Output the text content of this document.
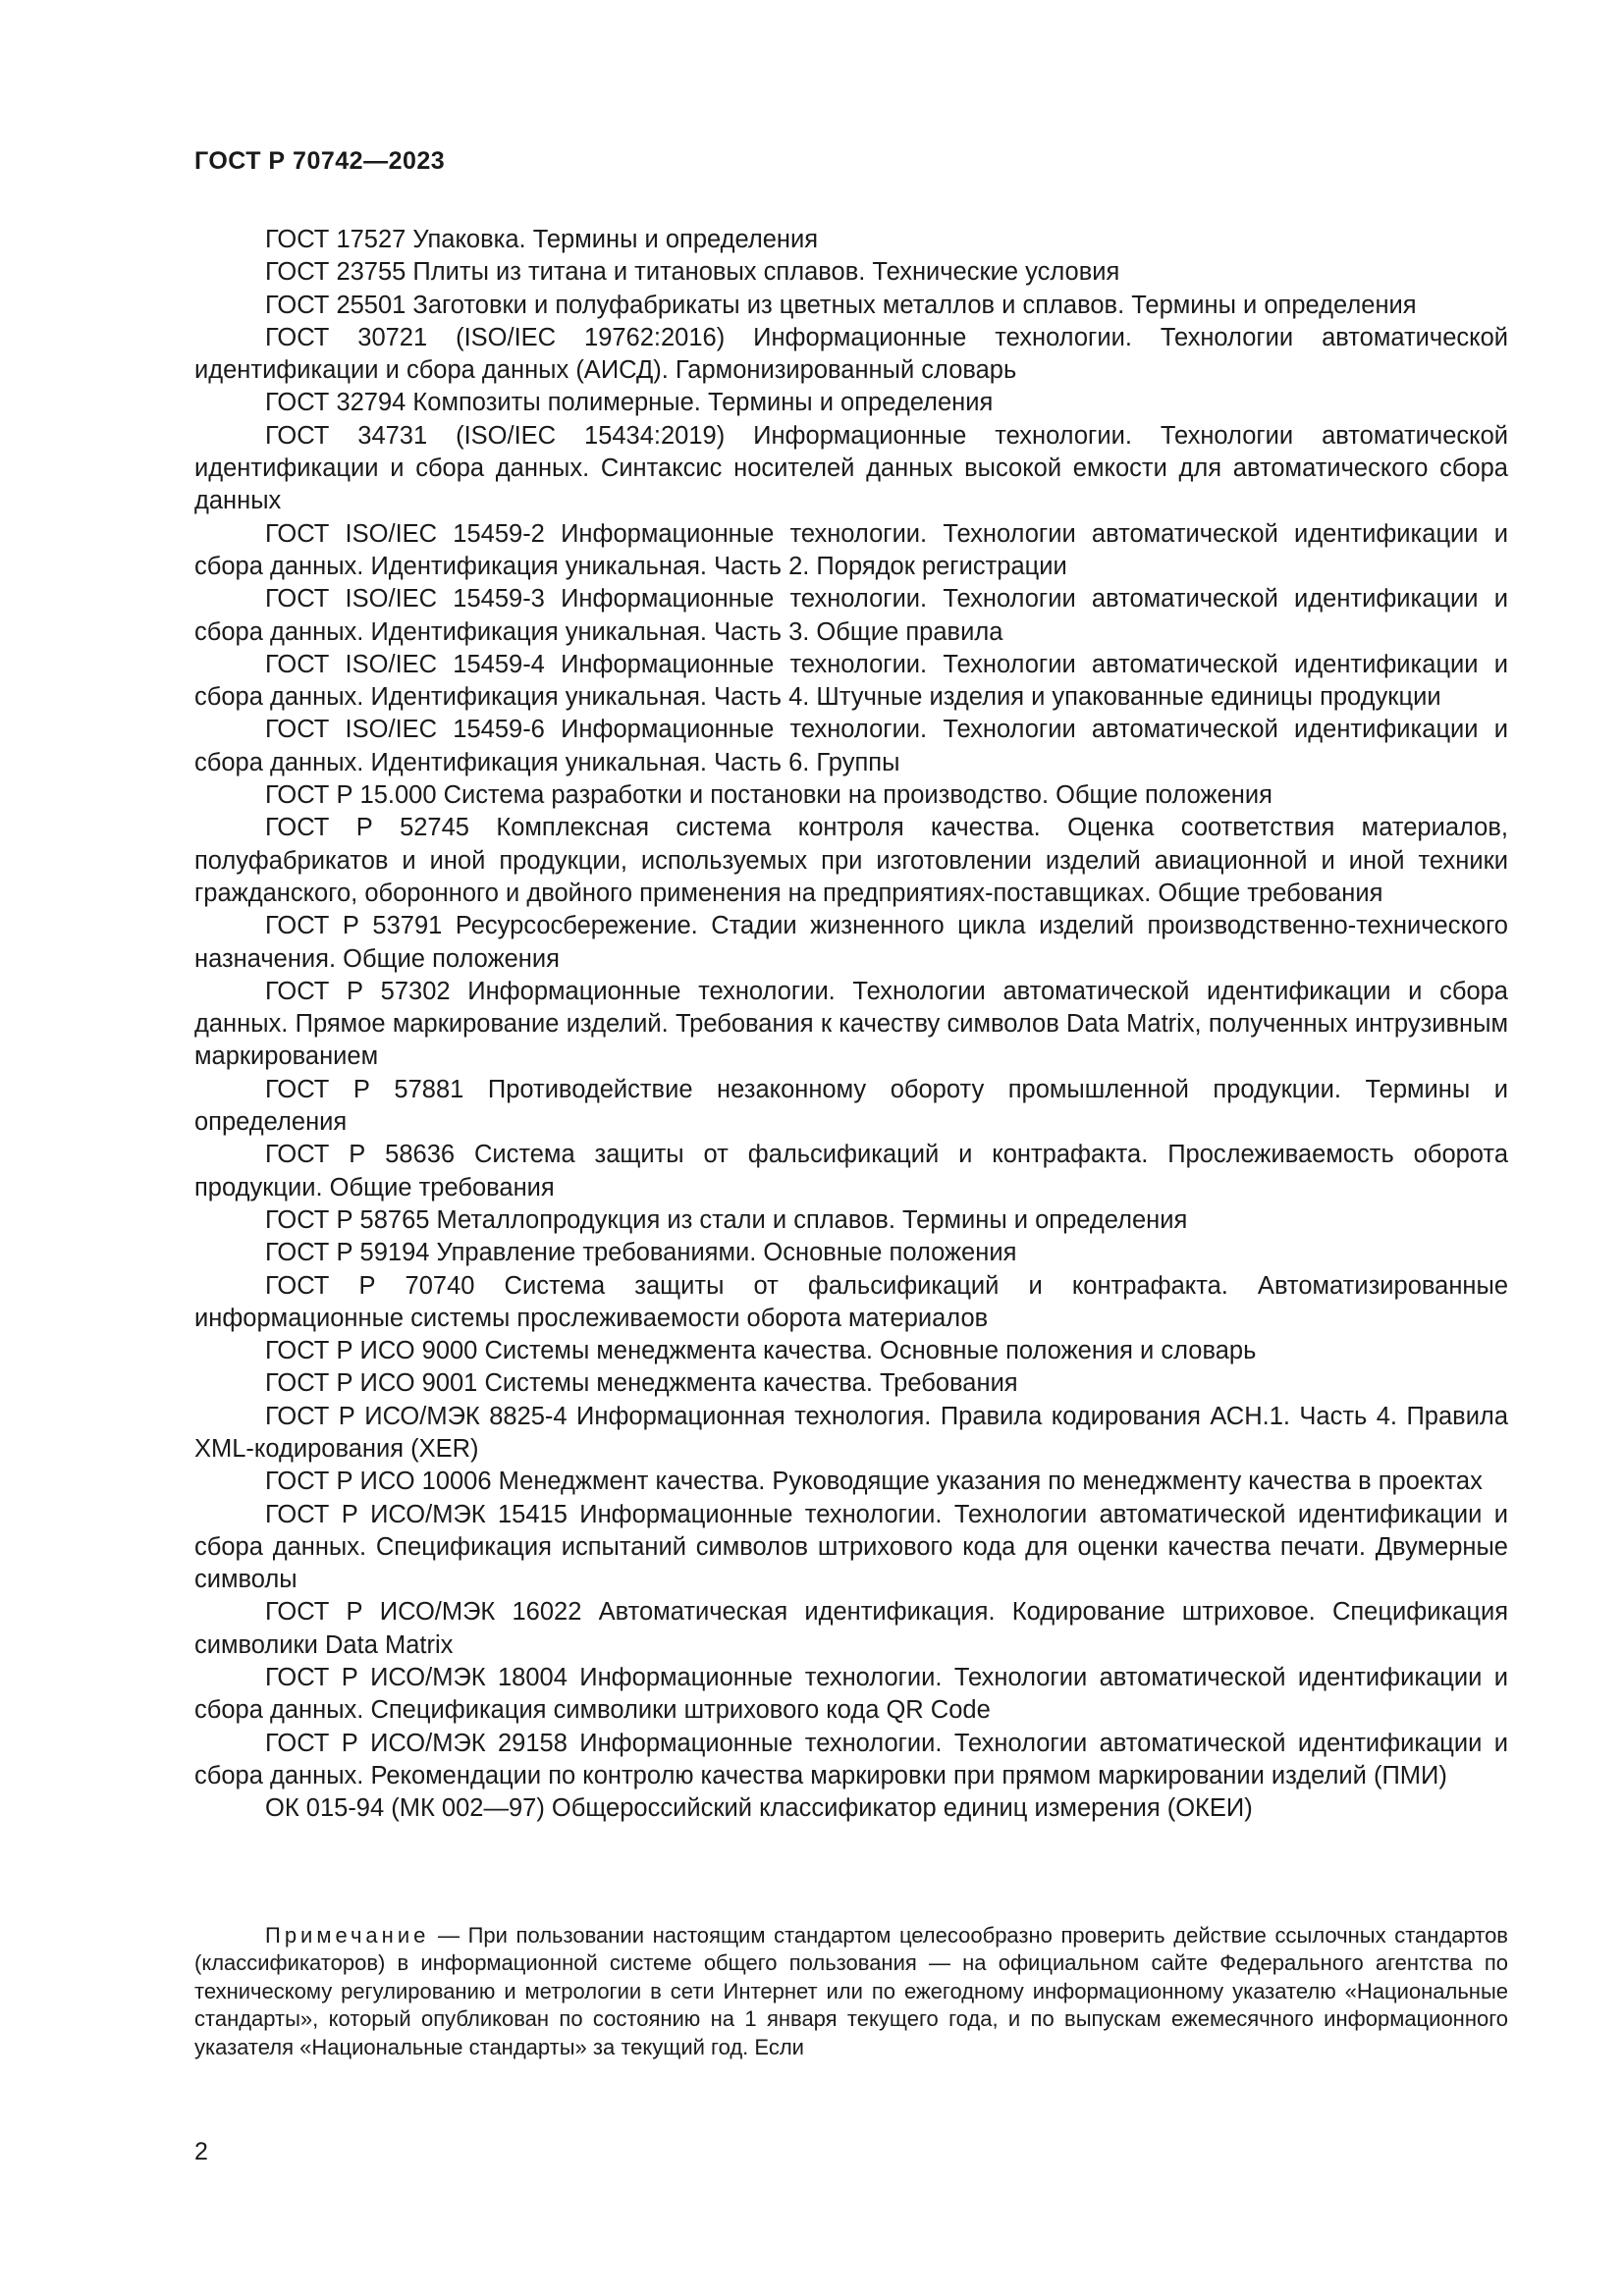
ГОСТ Р 70742—2023

ГОСТ 17527 Упаковка. Термины и определения

ГОСТ 23755 Плиты из титана и титановых сплавов. Технические условия

ГОСТ 25501 Заготовки и полуфабрикаты из цветных металлов и сплавов. Термины и определения

ГОСТ 30721 (ISO/IEC 19762:2016) Информационные технологии. Технологии автоматической идентификации и сбора данных (АИСД). Гармонизированный словарь

ГОСТ 32794 Композиты полимерные. Термины и определения

ГОСТ 34731 (ISO/IEC 15434:2019) Информационные технологии. Технологии автоматической идентификации и сбора данных. Синтаксис носителей данных высокой емкости для автоматического сбора данных

ГОСТ ISO/IEC 15459-2 Информационные технологии. Технологии автоматической идентификации и сбора данных. Идентификация уникальная. Часть 2. Порядок регистрации

ГОСТ ISO/IEC 15459-3 Информационные технологии. Технологии автоматической идентификации и сбора данных. Идентификация уникальная. Часть 3. Общие правила

ГОСТ ISO/IEC 15459-4 Информационные технологии. Технологии автоматической идентификации и сбора данных. Идентификация уникальная. Часть 4. Штучные изделия и упакованные единицы продукции

ГОСТ ISO/IEC 15459-6 Информационные технологии. Технологии автоматической идентификации и сбора данных. Идентификация уникальная. Часть 6. Группы

ГОСТ Р 15.000 Система разработки и постановки на производство. Общие положения

ГОСТ Р 52745 Комплексная система контроля качества. Оценка соответствия материалов, полуфабрикатов и иной продукции, используемых при изготовлении изделий авиационной и иной техники гражданского, оборонного и двойного применения на предприятиях-поставщиках. Общие требования

ГОСТ Р 53791 Ресурсосбережение. Стадии жизненного цикла изделий производственно-технического назначения. Общие положения

ГОСТ Р 57302 Информационные технологии. Технологии автоматической идентификации и сбора данных. Прямое маркирование изделий. Требования к качеству символов Data Matrix, полученных интрузивным маркированием

ГОСТ Р 57881 Противодействие незаконному обороту промышленной продукции. Термины и определения

ГОСТ Р 58636 Система защиты от фальсификаций и контрафакта. Прослеживаемость оборота продукции. Общие требования

ГОСТ Р 58765 Металлопродукция из стали и сплавов. Термины и определения

ГОСТ Р 59194 Управление требованиями. Основные положения

ГОСТ Р 70740 Система защиты от фальсификаций и контрафакта. Автоматизированные информационные системы прослеживаемости оборота материалов

ГОСТ Р ИСО 9000 Системы менеджмента качества. Основные положения и словарь

ГОСТ Р ИСО 9001 Системы менеджмента качества. Требования

ГОСТ Р ИСО/МЭК 8825-4 Информационная технология. Правила кодирования АСН.1. Часть 4. Правила XML-кодирования (XER)

ГОСТ Р ИСО 10006 Менеджмент качества. Руководящие указания по менеджменту качества в проектах

ГОСТ Р ИСО/МЭК 15415 Информационные технологии. Технологии автоматической идентификации и сбора данных. Спецификация испытаний символов штрихового кода для оценки качества печати. Двумерные символы

ГОСТ Р ИСО/МЭК 16022 Автоматическая идентификация. Кодирование штриховое. Спецификация символики Data Matrix

ГОСТ Р ИСО/МЭК 18004 Информационные технологии. Технологии автоматической идентификации и сбора данных. Спецификация символики штрихового кода QR Code

ГОСТ Р ИСО/МЭК 29158 Информационные технологии. Технологии автоматической идентификации и сбора данных. Рекомендации по контролю качества маркировки при прямом маркировании изделий (ПМИ)

ОК 015-94 (МК 002—97) Общероссийский классификатор единиц измерения (ОКЕИ)

Примечание — При пользовании настоящим стандартом целесообразно проверить действие ссылочных стандартов (классификаторов) в информационной системе общего пользования — на официальном сайте Федерального агентства по техническому регулированию и метрологии в сети Интернет или по ежегодному информационному указателю «Национальные стандарты», который опубликован по состоянию на 1 января текущего года, и по выпускам ежемесячного информационного указателя «Национальные стандарты» за текущий год. Если

2
